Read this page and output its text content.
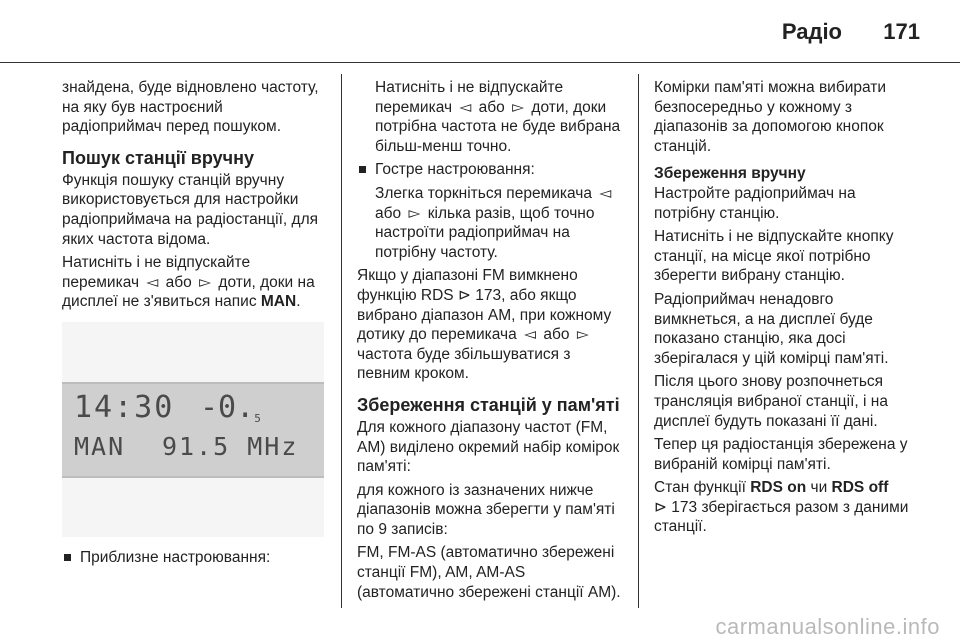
Радіо 171

знайдена, буде відновлено частоту, на яку був настроєний радіоприймач перед пошуком.

Пошук станції вручну

Функція пошуку станцій вручну використовується для настройки радіоприймача на радіостанції, для яких частота відома.

Натисніть і не відпускайте перемикач ◅ або ▻ доти, доки на дисплеї не з'явиться напис MAN.

14:30 -0.5
MAN 91.5 MHz

Приблизне настроювання:

Натисніть і не відпускайте перемикач ◅ або ▻ доти, доки потрібна частота не буде вибрана більш-менш точно.

Гостре настроювання:

Злегка торкніться перемикача ◅ або ▻ кілька разів, щоб точно настроїти радіоприймач на потрібну частоту.

Якщо у діапазоні FM вимкнено функцію RDS ⊳ 173, або якщо вибрано діапазон AM, при кожному дотику до перемикача ◅ або ▻ частота буде збільшуватися з певним кроком.

Збереження станцій у пам'яті

Для кожного діапазону частот (FM, AM) виділено окремий набір комірок пам'яті:

для кожного із зазначених нижче діапазонів можна зберегти у пам'яті по 9 записів:

FM, FM-AS (автоматично збережені станції FM), AM, AM-AS (автоматично збережені станції AM).

Комірки пам'яті можна вибирати безпосередньо у кожному з діапазонів за допомогою кнопок станцій.

Збереження вручну

Настройте радіоприймач на потрібну станцію.

Натисніть і не відпускайте кнопку станції, на місце якої потрібно зберегти вибрану станцію.

Радіоприймач ненадовго вимкнеться, а на дисплеї буде показано станцію, яка досі зберігалася у цій комірці пам'яті.

Після цього знову розпочнеться трансляція вибраної станції, і на дисплеї будуть показані її дані.

Тепер ця радіостанція збережена у вибраній комірці пам'яті.

Стан функції RDS on чи RDS off
⊳ 173 зберігається разом з даними станції.

carmanualsonline.info
